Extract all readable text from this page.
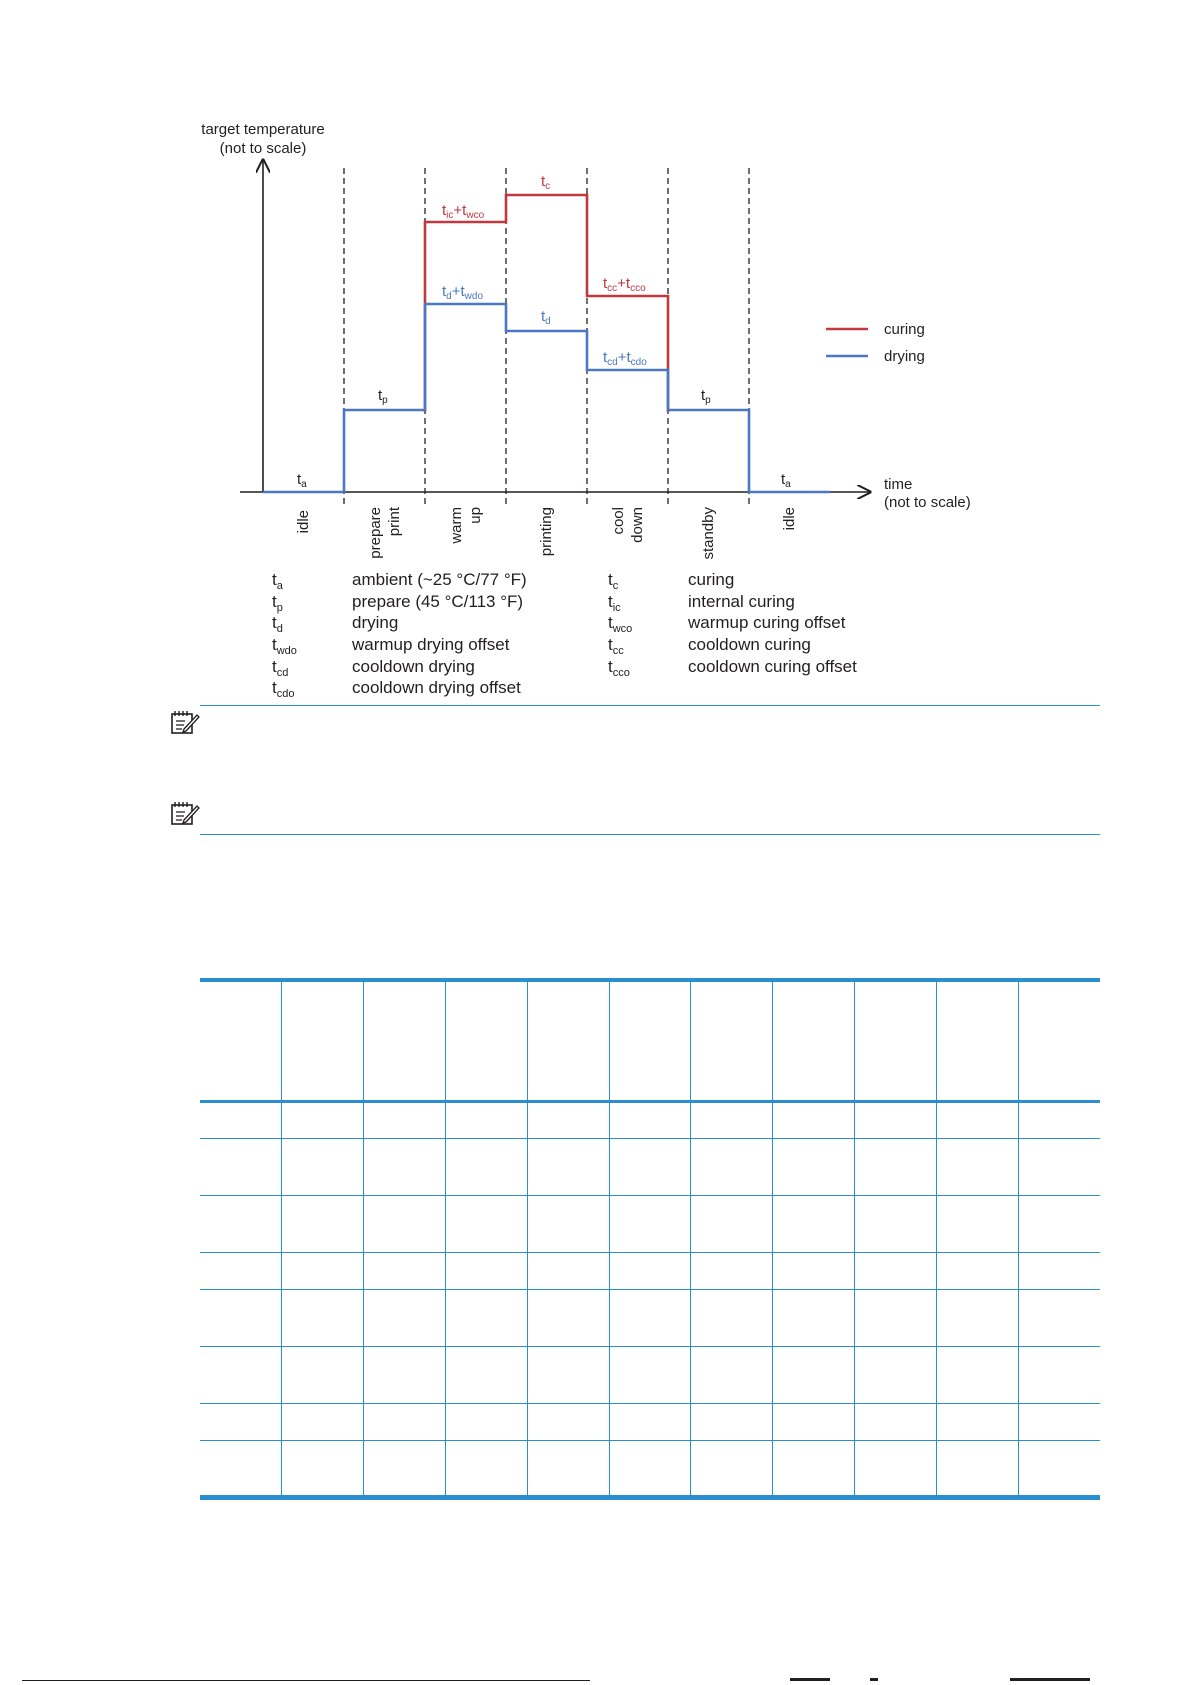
target temperature
(not to scale)
time
(not to scale)
$t_a$
$t_p$
$t_{ic}+t_{wco}$
$t_d+t_{wdo}$
$t_c$
$t_d$
$t_{cc}+t_{cco}$
$t_{cd}+t_{cdo}$
$t_p$
$t_a$
curing
drying
idle	prepare print	warm up	printing	cool down	standby	idle
$t_a$	ambient (~25 °C/77 °F)
$t_p$	prepare (45 °C/113 °F)
$t_d$	drying
$t_{wdo}$	warmup drying offset
$t_{cd}$	cooldown drying
$t_{cdo}$	cooldown drying offset
$t_c$	curing
$t_{ic}$	internal curing
$t_{wco}$	warmup curing offset
$t_{cc}$	cooldown curing
$t_{cco}$	cooldown curing offset
